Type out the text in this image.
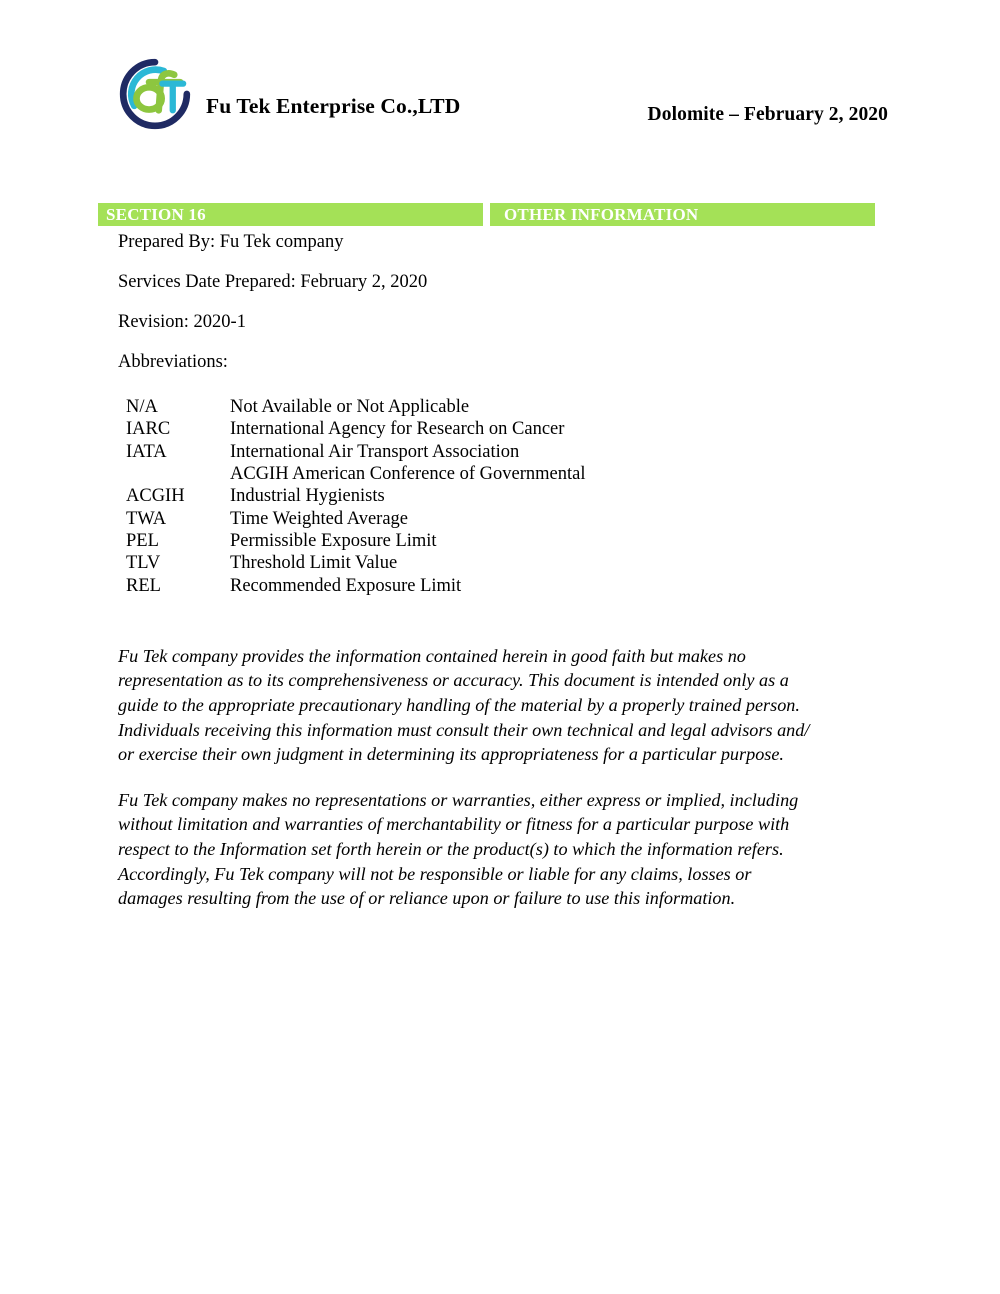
Fu Tek Enterprise Co.,LTD	Dolomite – February 2, 2020
SECTION 16	OTHER INFORMATION

Prepared By: Fu Tek company

Services Date Prepared: February 2, 2020

Revision: 2020-1

Abbreviations:

N/A	Not Available or Not Applicable
IARC	International Agency for Research on Cancer
IATA	International Air Transport Association
	ACGIH American Conference of Governmental
ACGIH	Industrial Hygienists
TWA	Time Weighted Average
PEL	Permissible Exposure Limit
TLV	Threshold Limit Value
REL	Recommended Exposure Limit

Fu Tek company provides the information contained herein in good faith but makes no
representation as to its comprehensiveness or accuracy. This document is intended only as a
guide to the appropriate precautionary handling of the material by a properly trained person.
Individuals receiving this information must consult their own technical and legal advisors and/
or exercise their own judgment in determining its appropriateness for a particular purpose.

Fu Tek company makes no representations or warranties, either express or implied, including
without limitation and warranties of merchantability or fitness for a particular purpose with
respect to the Information set forth herein or the product(s) to which the information refers.
Accordingly, Fu Tek company will not be responsible or liable for any claims, losses or
damages resulting from the use of or reliance upon or failure to use this information.
